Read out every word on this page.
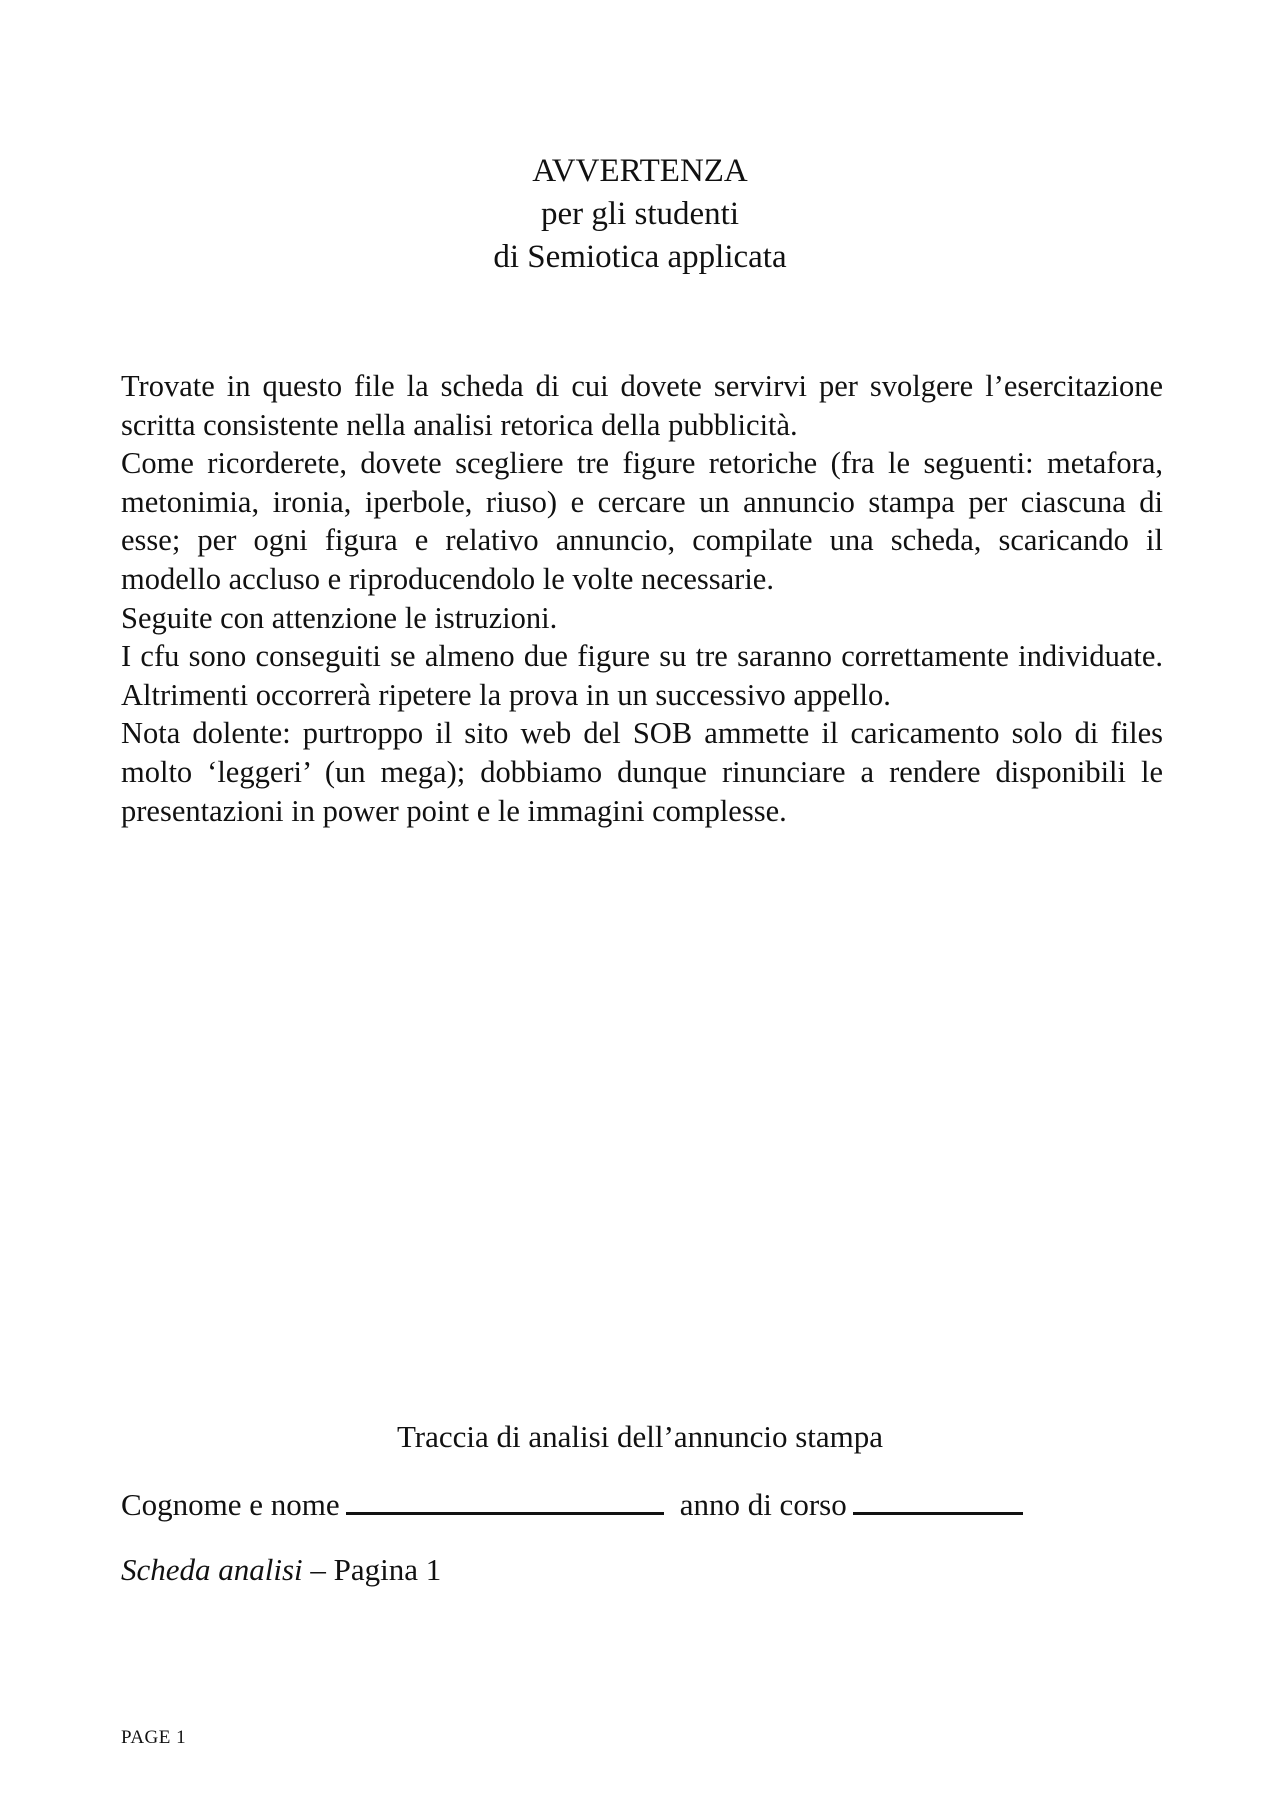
AVVERTENZA
per gli studenti
di Semiotica applicata

Trovate in questo file la scheda di cui dovete servirvi per svolgere l’esercitazione scritta consistente nella analisi retorica della pubblicità.

Come ricorderete, dovete scegliere tre figure retoriche (fra le seguenti: metafora, metonimia, ironia, iperbole, riuso) e cercare un annuncio stampa per ciascuna di esse; per ogni figura e relativo annuncio, compilate una scheda, scaricando il modello accluso e riproducendolo le volte necessarie.

Seguite con attenzione le istruzioni.

I cfu sono conseguiti se almeno due figure su tre saranno correttamente individuate. Altrimenti occorrerà ripetere la prova in un successivo appello.

Nota dolente: purtroppo il sito web del SOB ammette il caricamento solo di files molto ‘leggeri’ (un mega); dobbiamo dunque rinunciare a rendere disponibili le presentazioni in power point e le immagini complesse.

Traccia di analisi dell’annuncio stampa
Cognome e nome	anno di corso
Scheda analisi – Pagina 1
PAGE 1
